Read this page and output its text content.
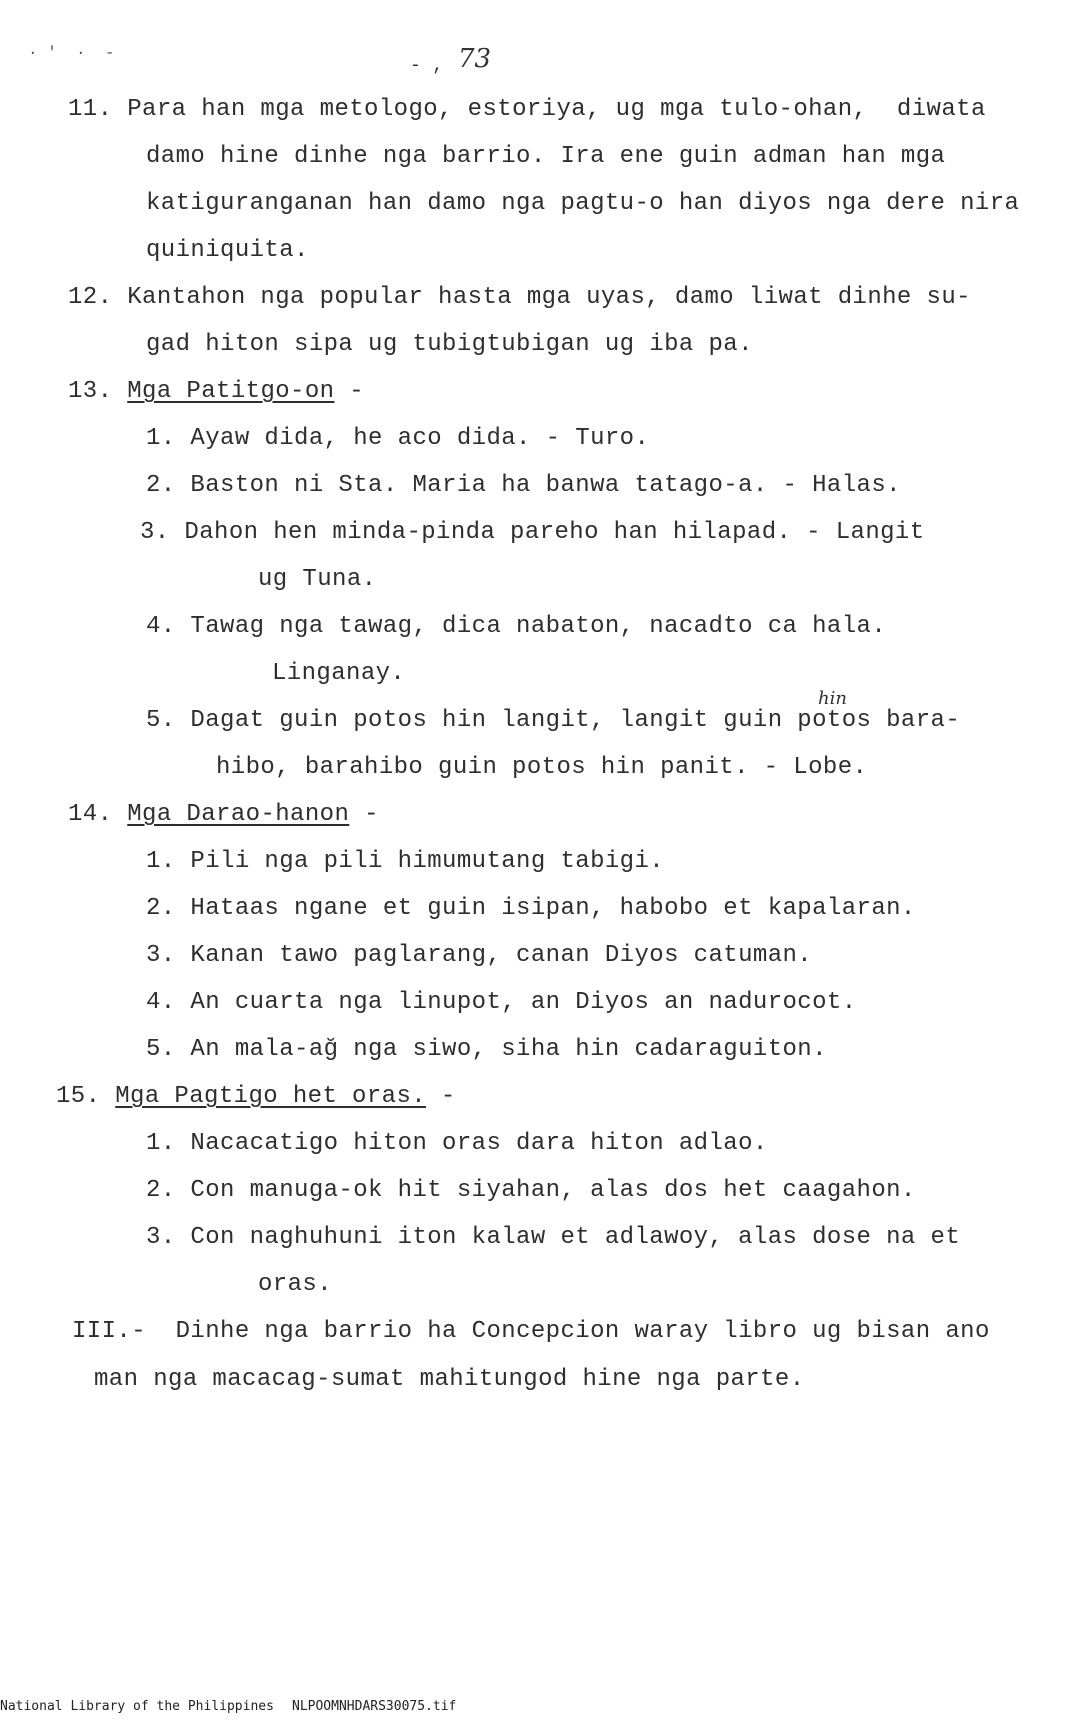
· '  ·  -
- , 73
11. Para han mga metologo, estoriya, ug mga tulo-ohan,  diwata
damo hine dinhe nga barrio. Ira ene guin adman han mga
katiguranganan han damo nga pagtu-o han diyos nga dere nira
quiniquita.
12. Kantahon nga popular hasta mga uyas, damo liwat dinhe su-
gad hiton sipa ug tubigtubigan ug iba pa.
13. Mga Patitgo-on -
1. Ayaw dida, he aco dida. - Turo.
2. Baston ni Sta. Maria ha banwa tatago-a. - Halas.
3. Dahon hen minda-pinda pareho han hilapad. - Langit
ug Tuna.
4. Tawag nga tawag, dica nabaton, nacadto ca hala.
Linganay.
5. Dagat guin potos hin langit, langit guin potos barа-
hin
hibo, barahibo guin potos hin panit. - Lobe.
14. Mga Darao-hanon -
1. Pili nga pili himumutang tabigi.
2. Hataas ngane et guin isipan, habobo et kapalaran.
3. Kanan tawo paglarang, canan Diyos catuman.
4. An cuarta nga linupot, an Diyos an nadurocot.
5. An mala-ağ nga siwo, siha hin cadaraguiton.
15. Mga Pagtigo het oras. -
1. Nacacatigo hiton oras dara hiton adlao.
2. Con manuga-ok hit siyahan, alas dos het caagahon.
3. Con naghuhuni iton kalaw et adlawoy, alas dose na et
oras.
III.-  Dinhe nga barrio ha Concepcion waray libro ug bisan ano
man nga macacag-sumat mahitungod hine nga parte.
National Library of the Philippines NLPOOMNHDARS30075.tif
